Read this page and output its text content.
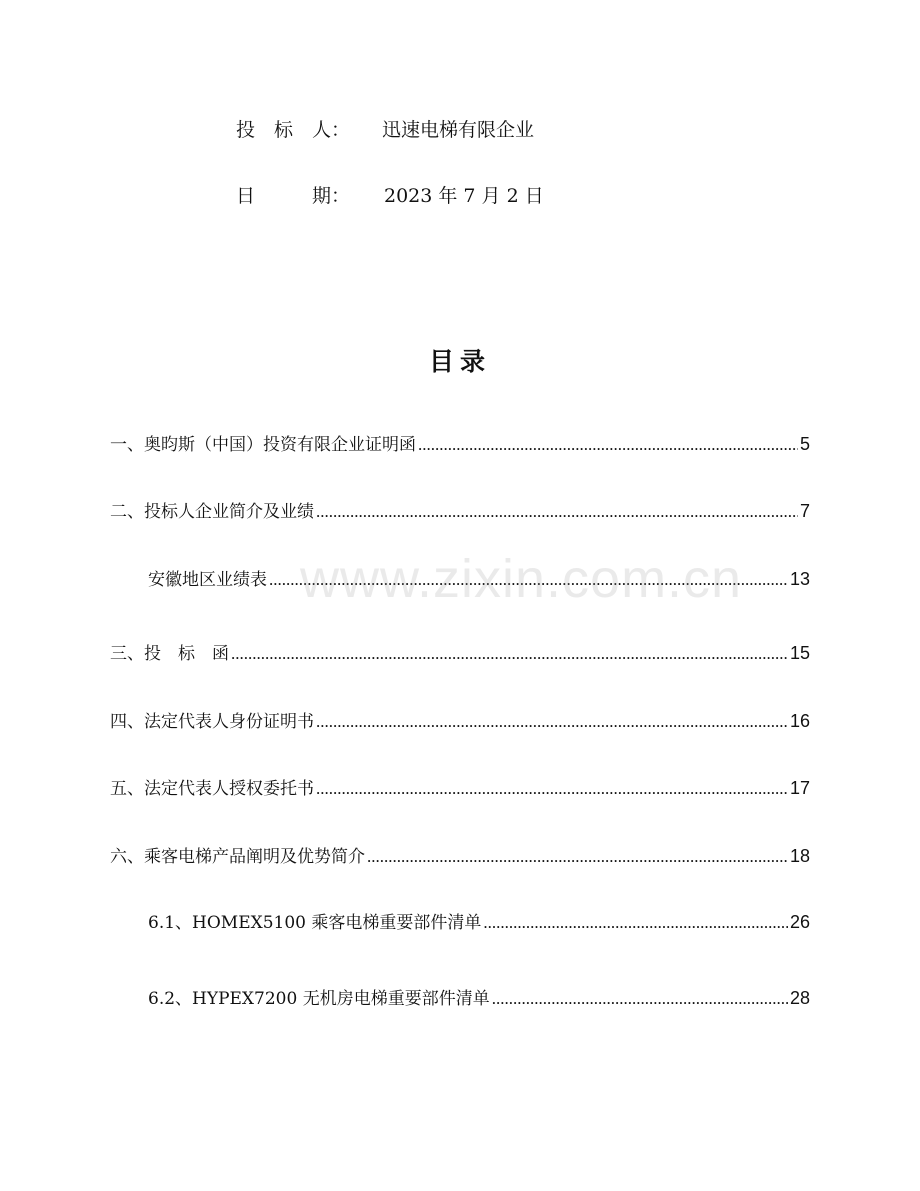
投　标　人： 迅速电梯有限企业
日　　　期： 2023 年 7 月 2 日
目录
一、奥昀斯（中国）投资有限企业证明函 .....	5
二、投标人企业简介及业绩 .....	7
安徽地区业绩表 .....	13
三、投　标　函 .....	15
四、法定代表人身份证明书 .....	16
五、法定代表人授权委托书 .....	17
六、乘客电梯产品阐明及优势简介 .....	18
6.1、HOMEX5100 乘客电梯重要部件清单 .....	26
6.2、HYPEX7200 无机房电梯重要部件清单 .....	28
www.zixin.com.cn
